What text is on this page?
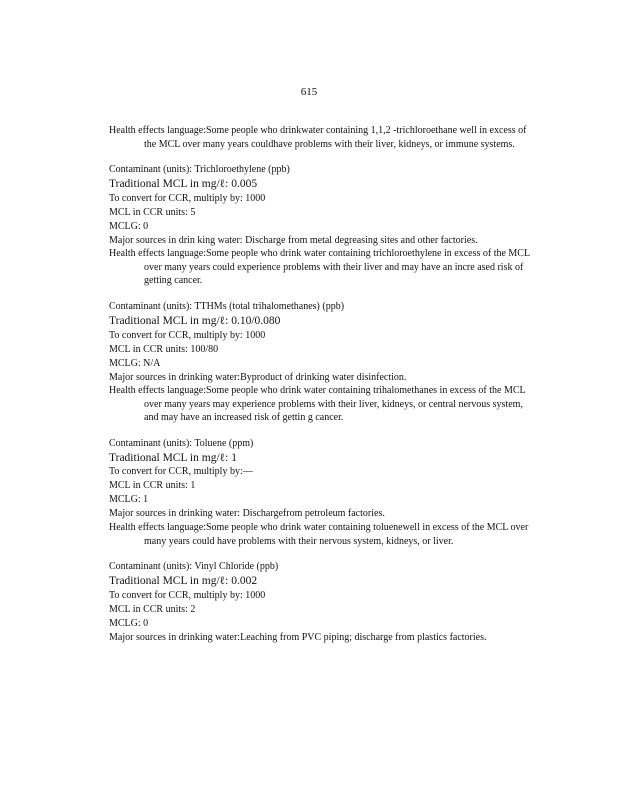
615
Health effects language:Some people who drinkwater containing 1,1,2 -trichloroethane well in excess of the MCL over many years couldhave problems with their liver, kidneys, or immune systems.
Contaminant (units): Trichloroethylene (ppb)
Traditional MCL in mg/ℓ: 0.005
To convert for CCR, multiply by: 1000
MCL in CCR units: 5
MCLG: 0
Major sources in drin king water: Discharge from metal degreasing sites and other factories.
Health effects language:Some people who drink water containing trichloroethylene in excess of the MCL over many years could experience problems with their liver and may have an incre ased risk of getting cancer.
Contaminant (units): TTHMs (total trihalomethanes) (ppb)
Traditional MCL in mg/ℓ: 0.10/0.080
To convert for CCR, multiply by: 1000
MCL in CCR units: 100/80
MCLG: N/A
Major sources in drinking water:Byproduct of drinking water disinfection.
Health effects language:Some people who drink water containing trihalomethanes in excess of the MCL over many years may experience problems with their liver, kidneys, or central nervous system, and may have an increased risk of gettin g cancer.
Contaminant (units): Toluene (ppm)
Traditional MCL in mg/ℓ: 1
To convert for CCR, multiply by:—
MCL in CCR units: 1
MCLG: 1
Major sources in drinking water: Dischargefrom petroleum factories.
Health effects language:Some people who drink water containing toluenewell in excess of the MCL over many years could have problems with their nervous system, kidneys, or liver.
Contaminant (units): Vinyl Chloride (ppb)
Traditional MCL in mg/ℓ: 0.002
To convert for CCR, multiply by: 1000
MCL in CCR units: 2
MCLG: 0
Major sources in drinking water:Leaching from PVC piping; discharge from plastics factories.
